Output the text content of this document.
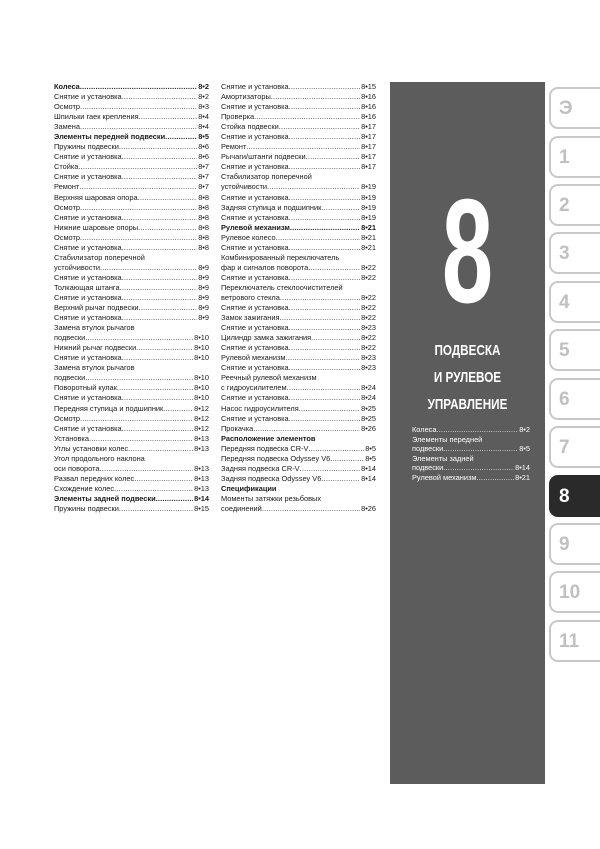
Колеса .....	8•2
Снятие и установка .....	8•2
Осмотр .....	8•3
Шпильки гаек крепления .....	8•4
Замена .....	8•4
Элементы передней подвески .....	8•5
Пружины подвески .....	8•6
Снятие и установка .....	8•6
Стойка .....	8•7
Снятие и установка .....	8•7
Ремонт .....	8•7
Верхняя шаровая опора .....	8•8
Осмотр .....	8•8
Снятие и установка .....	8•8
Нижние шаровые опоры .....	8•8
Осмотр .....	8•8
Снятие и установка .....	8•8
Стабилизатор поперечной
устойчивости .....	8•9
Снятие и установка .....	8•9
Толкающая штанга .....	8•9
Снятие и установка .....	8•9
Верхний рычаг подвески .....	8•9
Снятие и установка .....	8•9
Замена втулок рычагов
подвески .....	8•10
Нижний рычаг подвески .....	8•10
Снятие и установка .....	8•10
Замена втулок рычагов
подвески .....	8•10
Поворотный кулак .....	8•10
Снятие и установка .....	8•10
Передняя ступица и подшипник .....	8•12
Осмотр .....	8•12
Снятие и установка .....	8•12
Установка .....	8•13
Углы установки колес .....	8•13
Угол продольного наклона
оси поворота .....	8•13
Развал передних колес .....	8•13
Схождение колес .....	8•13
Элементы задней подвески .....	8•14
Пружины подвески .....	8•15
Снятие и установка .....	8•15
Амортизаторы .....	8•16
Снятие и установка .....	8•16
Проверка .....	8•16
Стойка подвески .....	8•17
Снятие и установка .....	8•17
Ремонт .....	8•17
Рычаги/штанги подвески .....	8•17
Снятие и установка .....	8•17
Стабилизатор поперечной
устойчивости .....	8•19
Снятие и установка .....	8•19
Задняя ступица и подшипник .....	8•19
Снятие и установка .....	8•19
Рулевой механизм .....	8•21
Рулевое колесо .....	8•21
Снятие и установка .....	8•21
Комбинированный переключатель
фар и сигналов поворота .....	8•22
Снятие и установка .....	8•22
Переключатель стеклоочистителей
ветрового стекла .....	8•22
Снятие и установка .....	8•22
Замок зажигания .....	8•22
Снятие и установка .....	8•23
Цилиндр замка зажигания .....	8•22
Снятие и установка .....	8•22
Рулевой механизм .....	8•23
Снятие и установка .....	8•23
Реечный рулевой механизм
с гидроусилителем .....	8•24
Снятие и установка .....	8•24
Насос гидроусилителя .....	8•25
Снятие и установка .....	8•25
Прокачка .....	8•26
Расположение элементов
Передняя подвеска CR-V .....	8•5
Передняя подвеска Odyssey V6 .....	8•5
Задняя подвеска CR-V .....	8•14
Задняя подвеска Odyssey V6 .....	8•14
Спецификации
Моменты затяжки резьбовых
соединений .....	8•26
8
ПОДВЕСКА
И РУЛЕВОЕ
УПРАВЛЕНИЕ
Колеса .....	8•2
Элементы передней
подвески .....	8•5
Элементы задней
подвески .....	8•14
Рулевой механизм .....	8•21
Э
1
2
3
4
5
6
7
8
9
10
11
